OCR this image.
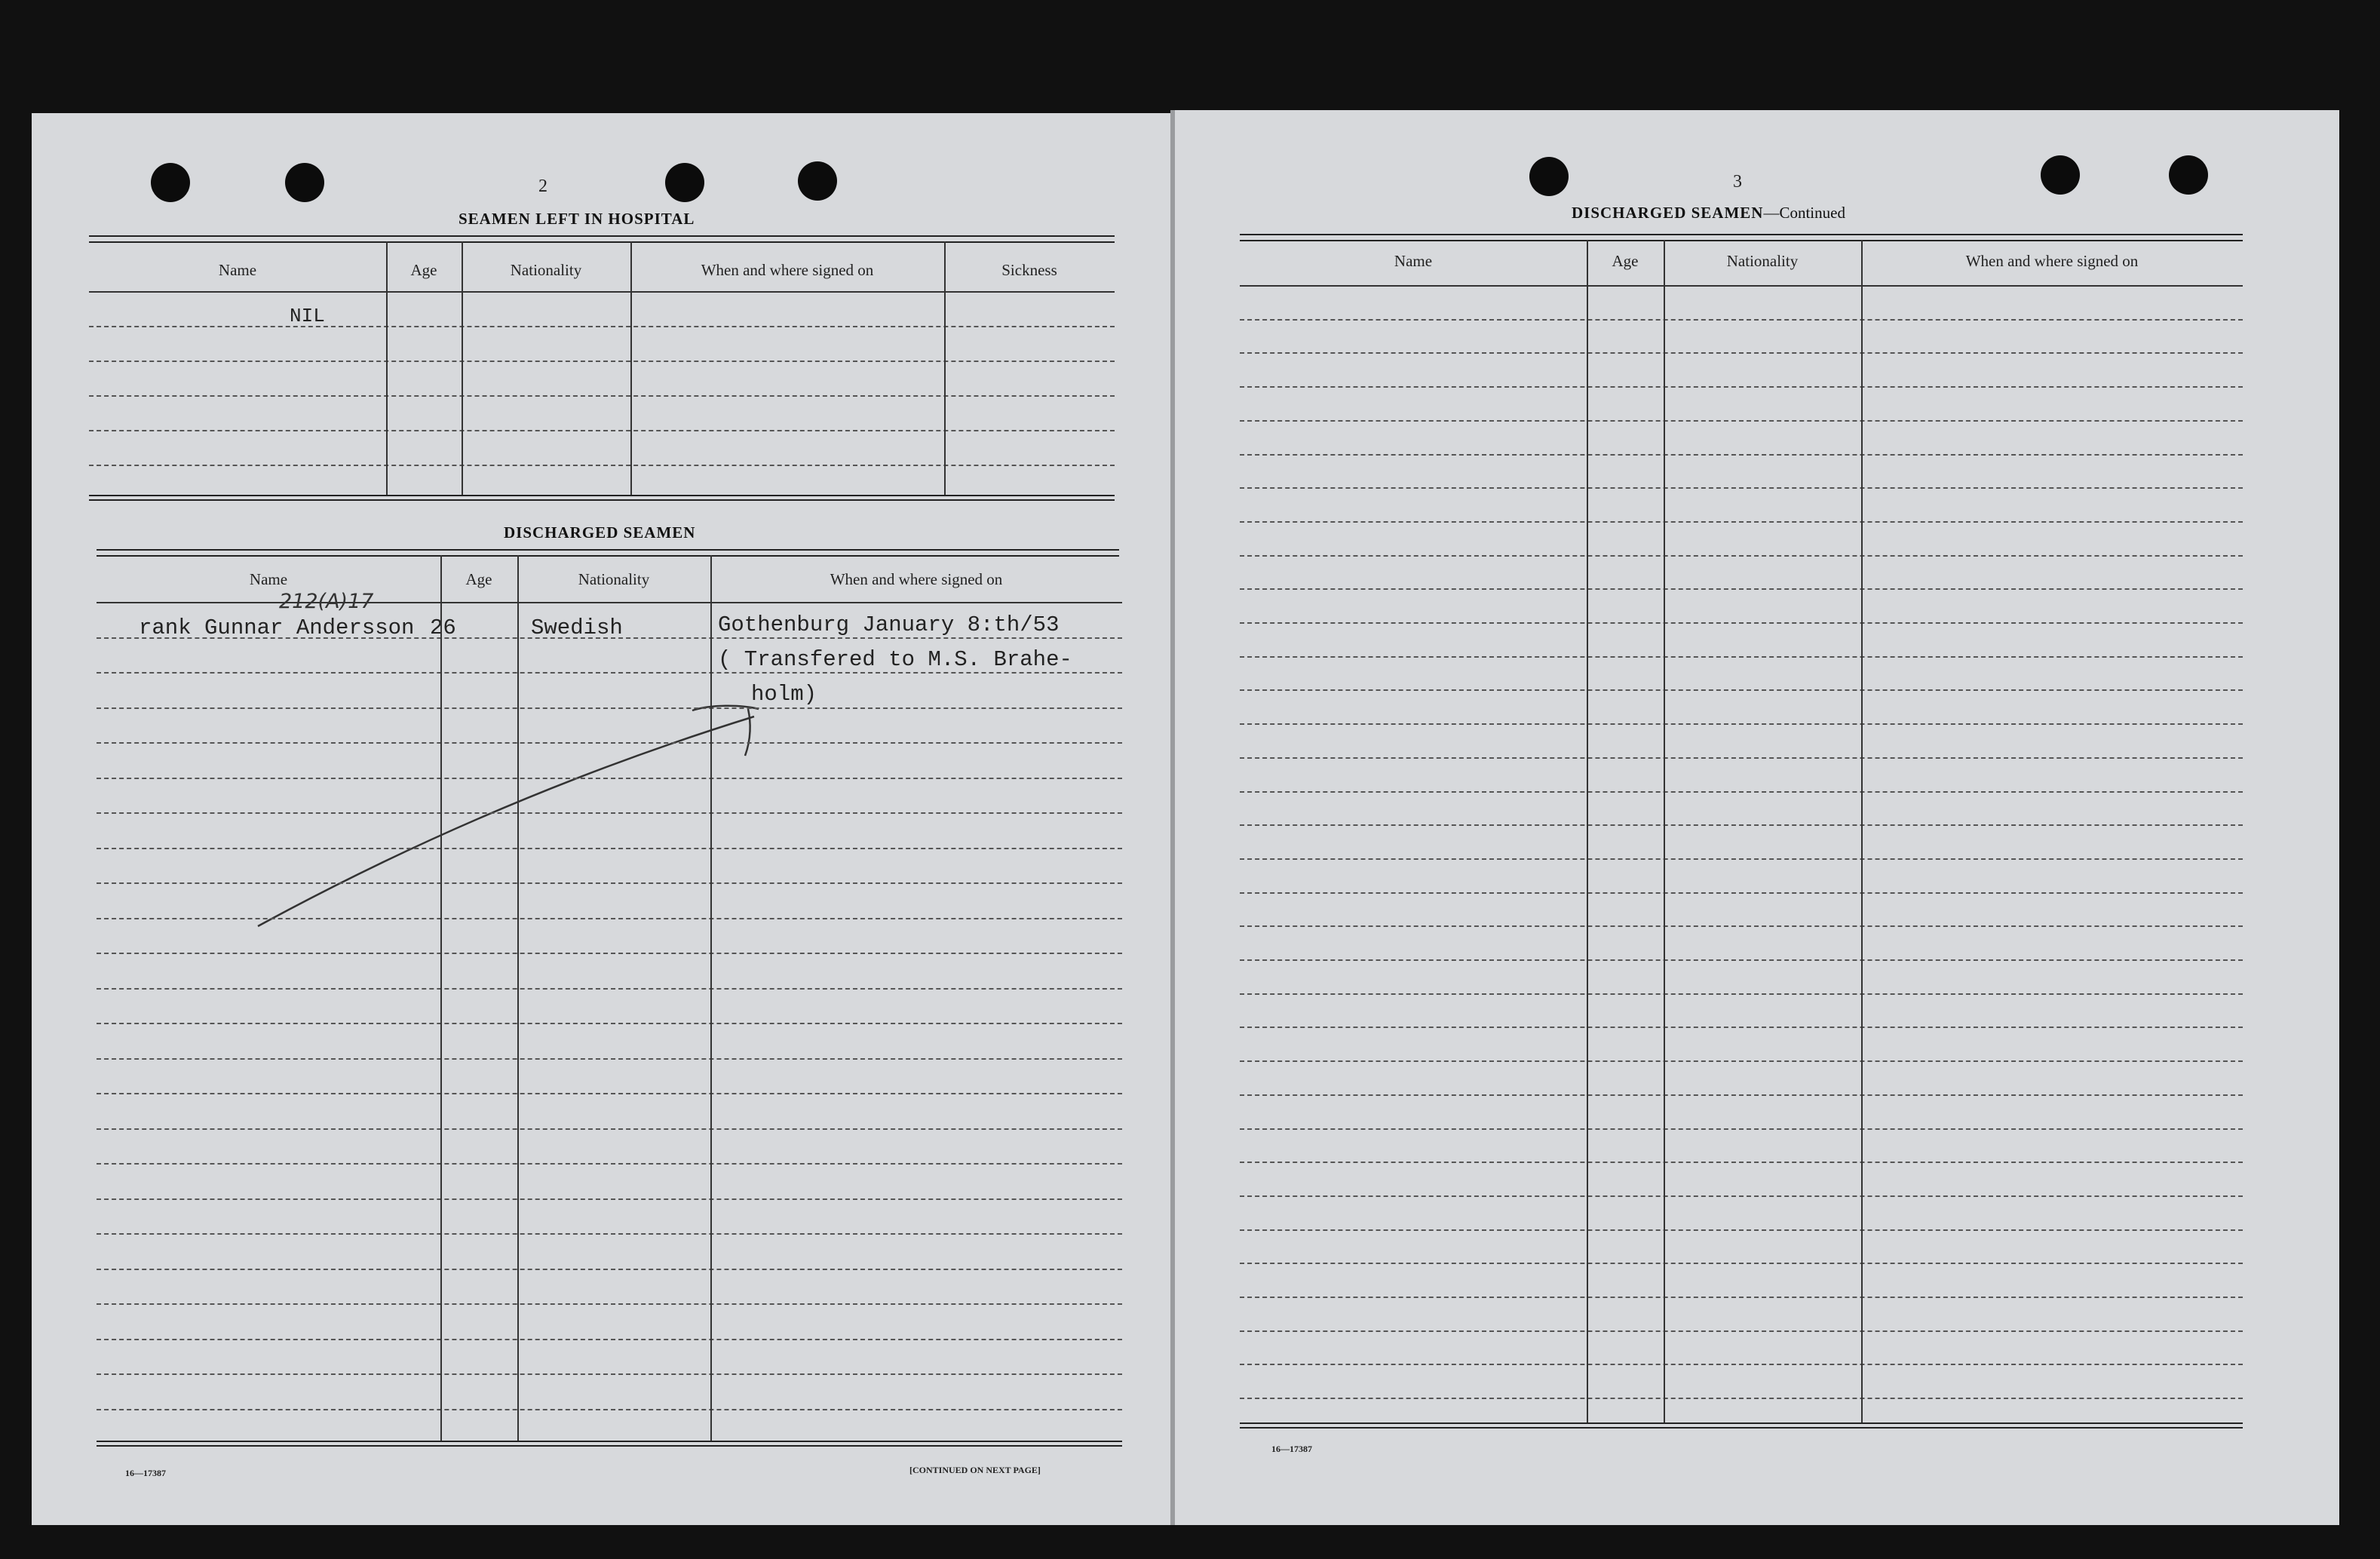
2
SEAMEN LEFT IN HOSPITAL
NIL
DISCHARGED SEAMEN
212(A)17
rank Gunnar Andersson 26	Swedish	Gothenburg January 8:th/53
( Transfered to M.S. Brahe-
holm)
16—17387	[CONTINUED ON NEXT PAGE]
Name	Age	Nationality	When and where signed on	Sickness
Name	Age	Nationality	When and where signed on
3
DISCHARGED SEAMEN—Continued
16—17387
Name	Age	Nationality	When and where signed on
